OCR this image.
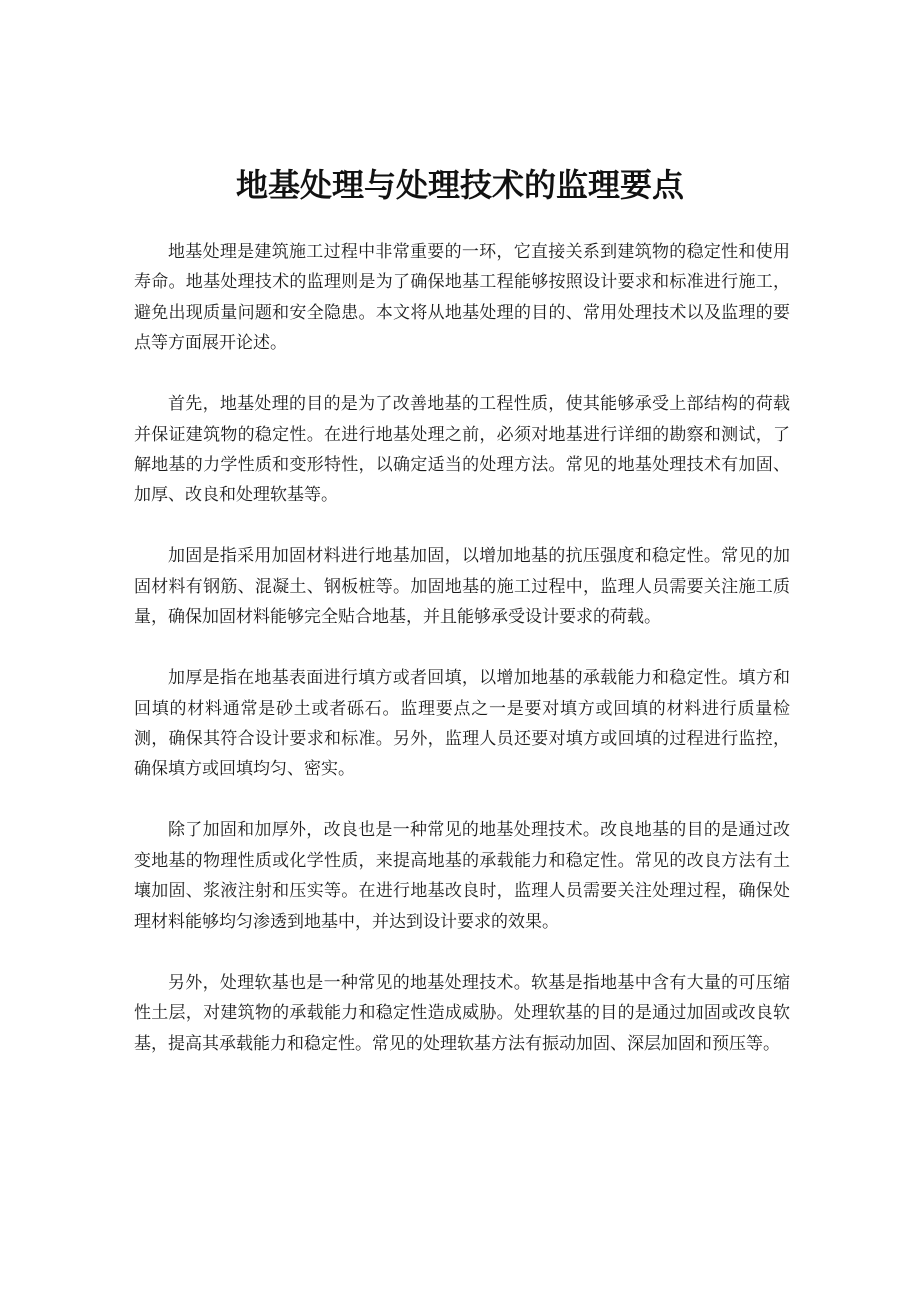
地基处理与处理技术的监理要点

地基处理是建筑施工过程中非常重要的一环，它直接关系到建筑物的稳定性和使用寿命。地基处理技术的监理则是为了确保地基工程能够按照设计要求和标准进行施工，避免出现质量问题和安全隐患。本文将从地基处理的目的、常用处理技术以及监理的要点等方面展开论述。

首先，地基处理的目的是为了改善地基的工程性质，使其能够承受上部结构的荷载并保证建筑物的稳定性。在进行地基处理之前，必须对地基进行详细的勘察和测试，了解地基的力学性质和变形特性，以确定适当的处理方法。常见的地基处理技术有加固、加厚、改良和处理软基等。

加固是指采用加固材料进行地基加固，以增加地基的抗压强度和稳定性。常见的加固材料有钢筋、混凝土、钢板桩等。加固地基的施工过程中，监理人员需要关注施工质量，确保加固材料能够完全贴合地基，并且能够承受设计要求的荷载。

加厚是指在地基表面进行填方或者回填，以增加地基的承载能力和稳定性。填方和回填的材料通常是砂土或者砾石。监理要点之一是要对填方或回填的材料进行质量检测，确保其符合设计要求和标准。另外，监理人员还要对填方或回填的过程进行监控，确保填方或回填均匀、密实。

除了加固和加厚外，改良也是一种常见的地基处理技术。改良地基的目的是通过改变地基的物理性质或化学性质，来提高地基的承载能力和稳定性。常见的改良方法有土壤加固、浆液注射和压实等。在进行地基改良时，监理人员需要关注处理过程，确保处理材料能够均匀渗透到地基中，并达到设计要求的效果。

另外，处理软基也是一种常见的地基处理技术。软基是指地基中含有大量的可压缩性土层，对建筑物的承载能力和稳定性造成威胁。处理软基的目的是通过加固或改良软基，提高其承载能力和稳定性。常见的处理软基方法有振动加固、深层加固和预压等。
